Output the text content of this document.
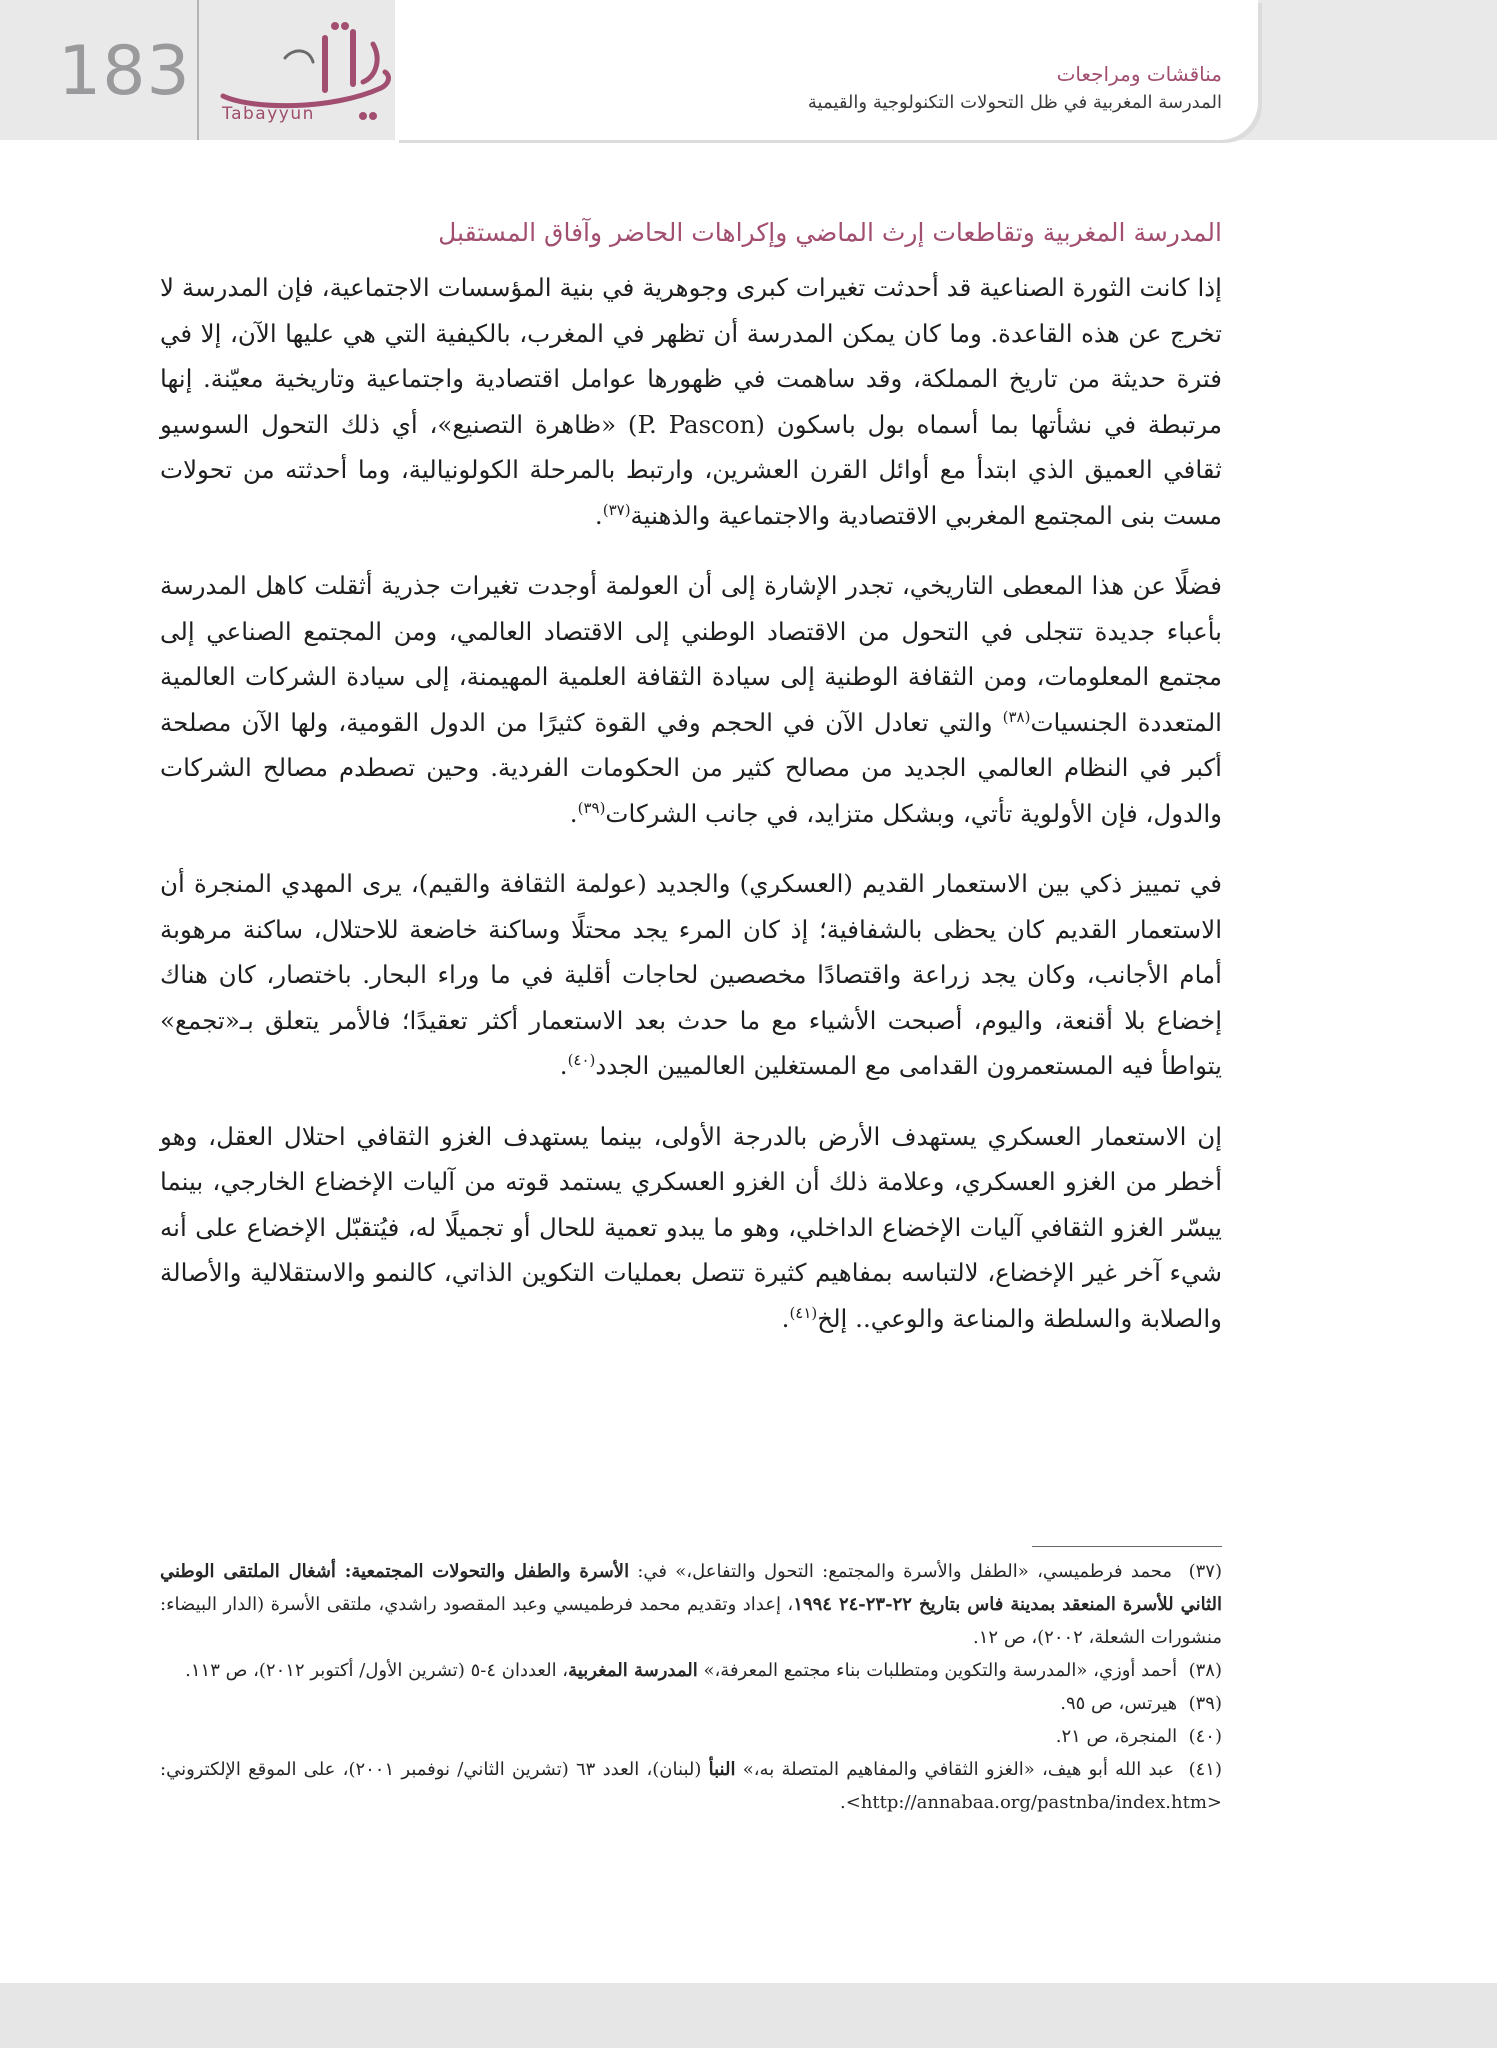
183
Tabayyun
مناقشات ومراجعات
المدرسة المغربية في ظل التحولات التكنولوجية والقيمية
المدرسة المغربية وتقاطعات إرث الماضي وإكراهات الحاضر وآفاق المستقبل

إذا كانت الثورة الصناعية قد أحدثت تغيرات كبرى وجوهرية في بنية المؤسسات الاجتماعية، فإن المدرسة لا تخرج عن هذه القاعدة. وما كان يمكن المدرسة أن تظهر في المغرب، بالكيفية التي هي عليها الآن، إلا في فترة حديثة من تاريخ المملكة، وقد ساهمت في ظهورها عوامل اقتصادية واجتماعية وتاريخية معيّنة. إنها مرتبطة في نشأتها بما أسماه بول باسكون (P. Pascon) «ظاهرة التصنيع»، أي ذلك التحول السوسيو ثقافي العميق الذي ابتدأ مع أوائل القرن العشرين، وارتبط بالمرحلة الكولونيالية، وما أحدثته من تحولات مست بنى المجتمع المغربي الاقتصادية والاجتماعية والذهنية$^{(٣٧)}$.

فضلًا عن هذا المعطى التاريخي، تجدر الإشارة إلى أن العولمة أوجدت تغيرات جذرية أثقلت كاهل المدرسة بأعباء جديدة تتجلى في التحول من الاقتصاد الوطني إلى الاقتصاد العالمي، ومن المجتمع الصناعي إلى مجتمع المعلومات، ومن الثقافة الوطنية إلى سيادة الثقافة العلمية المهيمنة، إلى سيادة الشركات العالمية المتعددة الجنسيات$^{(٣٨)}$ والتي تعادل الآن في الحجم وفي القوة كثيرًا من الدول القومية، ولها الآن مصلحة أكبر في النظام العالمي الجديد من مصالح كثير من الحكومات الفردية. وحين تصطدم مصالح الشركات والدول، فإن الأولوية تأتي، وبشكل متزايد، في جانب الشركات$^{(٣٩)}$.

في تمييز ذكي بين الاستعمار القديم (العسكري) والجديد (عولمة الثقافة والقيم)، يرى المهدي المنجرة أن الاستعمار القديم كان يحظى بالشفافية؛ إذ كان المرء يجد محتلًا وساكنة خاضعة للاحتلال، ساكنة مرهوبة أمام الأجانب، وكان يجد زراعة واقتصادًا مخصصين لحاجات أقلية في ما وراء البحار. باختصار، كان هناك إخضاع بلا أقنعة، واليوم، أصبحت الأشياء مع ما حدث بعد الاستعمار أكثر تعقيدًا؛ فالأمر يتعلق بـ«تجمع» يتواطأ فيه المستعمرون القدامى مع المستغلين العالميين الجدد$^{(٤٠)}$.

إن الاستعمار العسكري يستهدف الأرض بالدرجة الأولى، بينما يستهدف الغزو الثقافي احتلال العقل، وهو أخطر من الغزو العسكري، وعلامة ذلك أن الغزو العسكري يستمد قوته من آليات الإخضاع الخارجي، بينما ييسّر الغزو الثقافي آليات الإخضاع الداخلي، وهو ما يبدو تعمية للحال أو تجميلًا له، فيُتقبّل الإخضاع على أنه شيء آخر غير الإخضاع، لالتباسه بمفاهيم كثيرة تتصل بعمليات التكوين الذاتي، كالنمو والاستقلالية والأصالة والصلابة والسلطة والمناعة والوعي.. إلخ$^{(٤١)}$.

(٣٧)  محمد فرطميسي، «الطفل والأسرة والمجتمع: التحول والتفاعل،» في: الأسرة والطفل والتحولات المجتمعية: أشغال الملتقى الوطني الثاني للأسرة المنعقد بمدينة فاس بتاريخ ٢٢-٢٣-٢٤ ١٩٩٤، إعداد وتقديم محمد فرطميسي وعبد المقصود راشدي، ملتقى الأسرة (الدار البيضاء: منشورات الشعلة، ٢٠٠٢)، ص ١٢.

(٣٨)  أحمد أوزي، «المدرسة والتكوين ومتطلبات بناء مجتمع المعرفة،» المدرسة المغربية، العددان ٤-٥ (تشرين الأول/ أكتوبر ٢٠١٢)، ص ١١٣.

(٣٩)  هيرتس، ص ٩٥.

(٤٠)  المنجرة، ص ٢١.

(٤١)  عبد الله أبو هيف، «الغزو الثقافي والمفاهيم المتصلة به،» النبأ (لبنان)، العدد ٦٣ (تشرين الثاني/ نوفمبر ٢٠٠١)، على الموقع الإلكتروني: <http://annabaa.org/pastnba/index.htm>.
